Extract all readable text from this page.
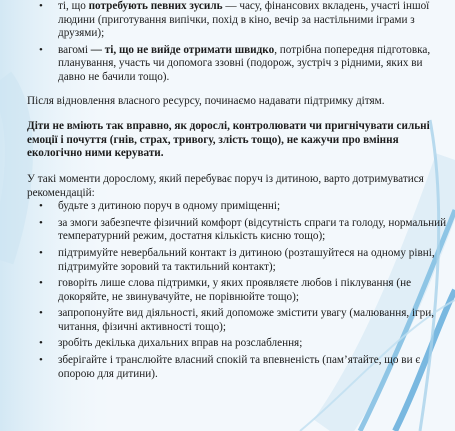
• ті, що потребують певних зусиль — часу, фінансових вкладень, участі іншої людини (приготування випічки, похід в кіно, вечір за настільними іграми з друзями);
• вагомі — ті, що не вийде отримати швидко, потрібна попередня підготовка, планування, участь чи допомога ззовні (подорож, зустріч з рідними, яких ви давно не бачили тощо).

Після відновлення власного ресурсу, починаємо надавати підтримку дітям.

Діти не вміють так вправно, як дорослі, контролювати чи пригнічувати сильні емоції і почуття (гнів, страх, тривогу, злість тощо), не кажучи про вміння екологічно ними керувати.

У такі моменти дорослому, який перебуває поруч із дитиною, варто дотримуватися рекомендацій:

• будьте з дитиною поруч в одному приміщенні;
• за змоги забезпечте фізичний комфорт (відсутність спраги та голоду, нормальний температурний режим, достатня кількість кисню тощо);
• підтримуйте невербальний контакт із дитиною (розташуйтеся на одному рівні, підтримуйте зоровий та тактильний контакт);
• говоріть лише слова підтримки, у яких проявляєте любов і піклування (не докоряйте, не звинувачуйте, не порівнюйте тощо);
• запропонуйте вид діяльності, який допоможе змістити увагу (малювання, ігри, читання, фізичні активності тощо);
• зробіть декілька дихальних вправ на розслаблення;
• зберігайте і транслюйте власний спокій та впевненість (пам’ятайте, що ви є опорою для дитини).
